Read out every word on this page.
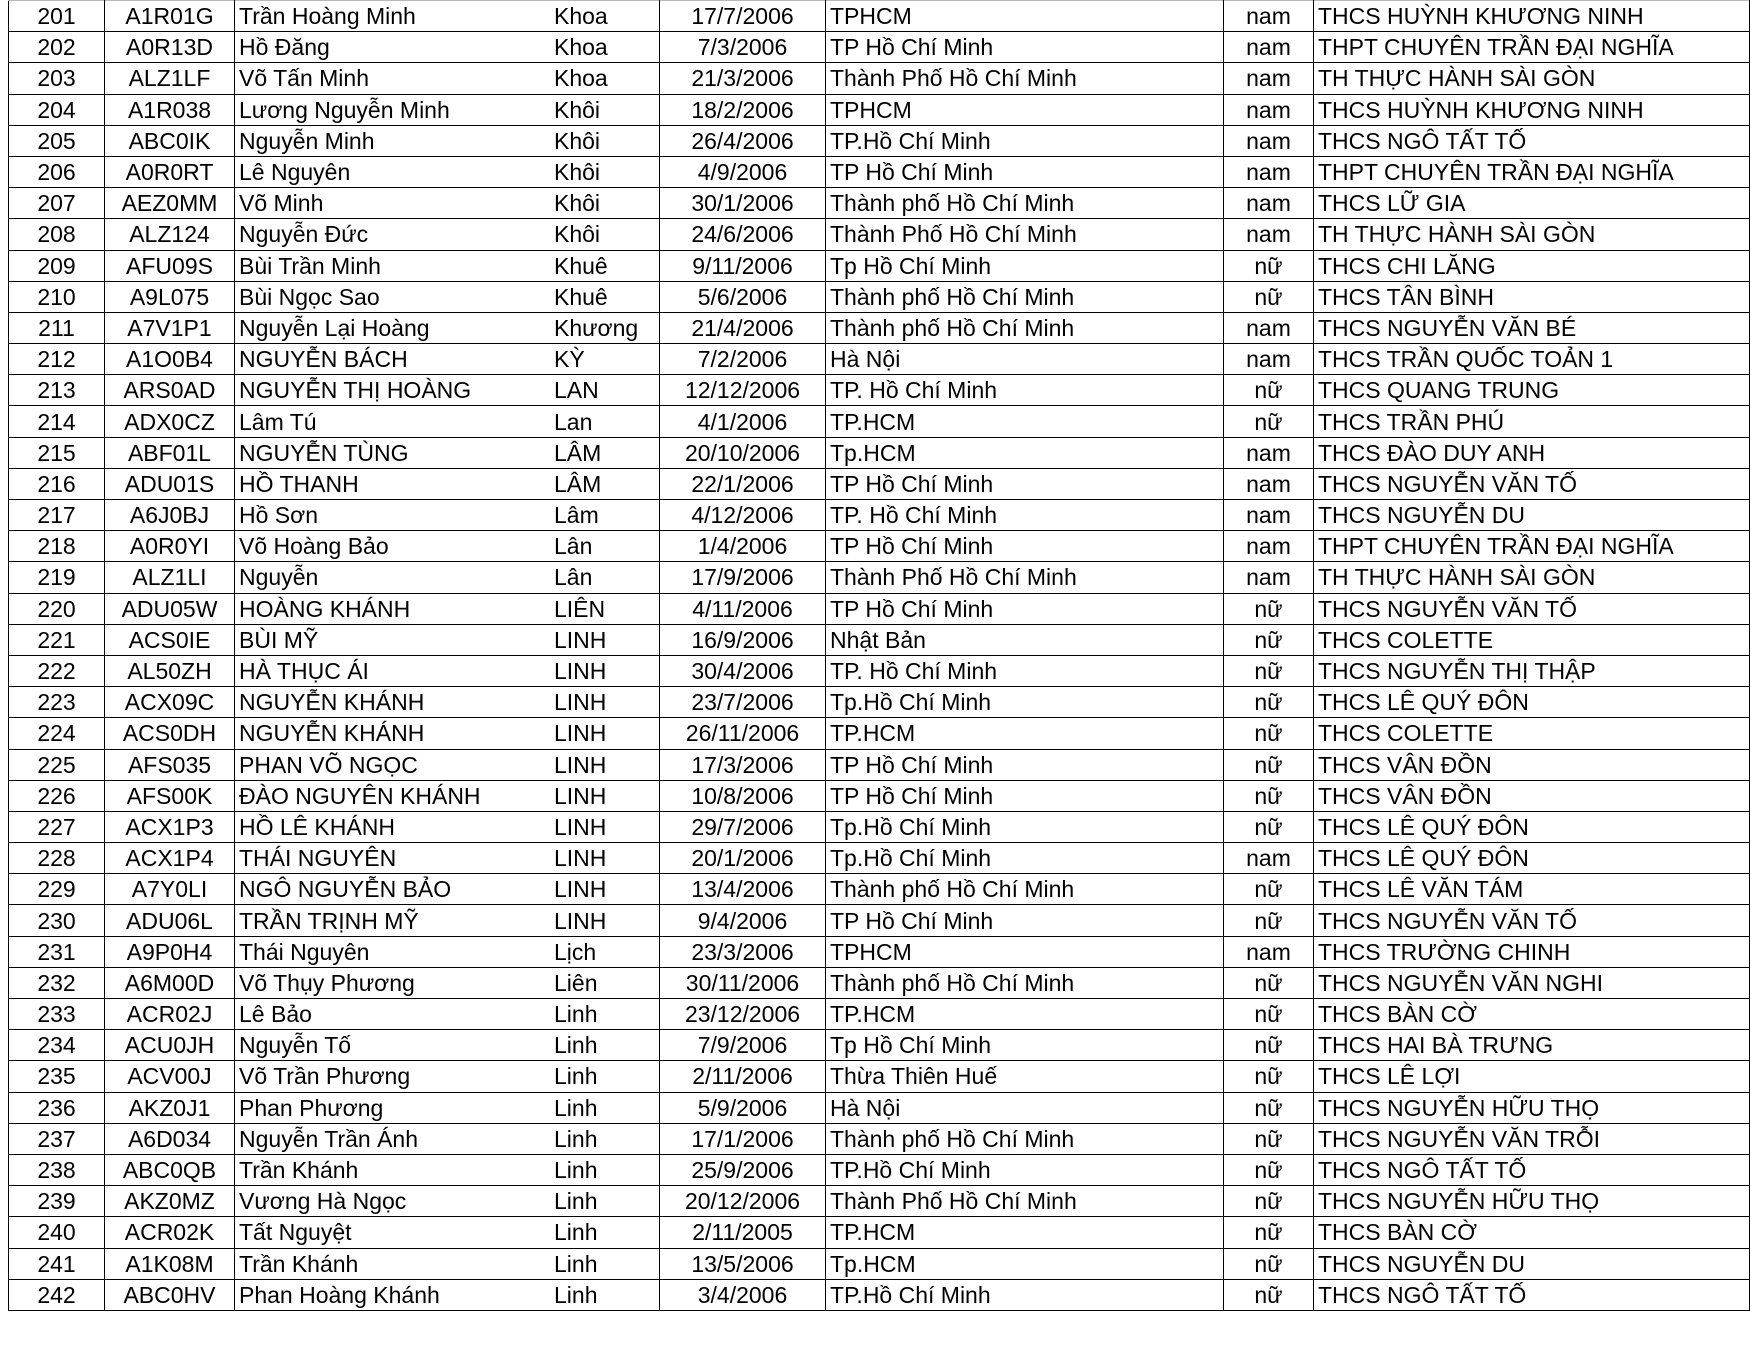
201	A1R01G	Trần Hoàng Minh	Khoa	17/7/2006	TPHCM	nam	THCS HUỲNH KHƯƠNG NINH
202	A0R13D	Hồ Đăng	Khoa	7/3/2006	TP Hồ Chí Minh	nam	THPT CHUYÊN TRẦN ĐẠI NGHĨA
203	ALZ1LF	Võ Tấn Minh	Khoa	21/3/2006	Thành Phố Hồ Chí Minh	nam	TH THỰC HÀNH SÀI GÒN
204	A1R038	Lương Nguyễn Minh	Khôi	18/2/2006	TPHCM	nam	THCS HUỲNH KHƯƠNG NINH
205	ABC0IK	Nguyễn Minh	Khôi	26/4/2006	TP.Hồ Chí Minh	nam	THCS NGÔ TẤT TỐ
206	A0R0RT	Lê Nguyên	Khôi	4/9/2006	TP Hồ Chí Minh	nam	THPT CHUYÊN TRẦN ĐẠI NGHĨA
207	AEZ0MM	Võ Minh	Khôi	30/1/2006	Thành phố Hồ Chí Minh	nam	THCS LỮ GIA
208	ALZ124	Nguyễn Đức	Khôi	24/6/2006	Thành Phố Hồ Chí Minh	nam	TH THỰC HÀNH SÀI GÒN
209	AFU09S	Bùi Trần Minh	Khuê	9/11/2006	Tp Hồ Chí Minh	nữ	THCS CHI LĂNG
210	A9L075	Bùi Ngọc Sao	Khuê	5/6/2006	Thành phố Hồ Chí Minh	nữ	THCS TÂN BÌNH
211	A7V1P1	Nguyễn Lại Hoàng	Khương	21/4/2006	Thành phố Hồ Chí Minh	nam	THCS NGUYỄN VĂN BÉ
212	A1O0B4	NGUYỄN BÁCH	KỲ	7/2/2006	Hà Nội	nam	THCS TRẦN QUỐC TOẢN 1
213	ARS0AD	NGUYỄN THỊ HOÀNG	LAN	12/12/2006	TP. Hồ Chí Minh	nữ	THCS QUANG TRUNG
214	ADX0CZ	Lâm Tú	Lan	4/1/2006	TP.HCM	nữ	THCS TRẦN PHÚ
215	ABF01L	NGUYỄN TÙNG	LÂM	20/10/2006	Tp.HCM	nam	THCS ĐÀO DUY ANH
216	ADU01S	HỒ THANH	LÂM	22/1/2006	TP Hồ Chí Minh	nam	THCS NGUYỄN VĂN TỐ
217	A6J0BJ	Hồ Sơn	Lâm	4/12/2006	TP. Hồ Chí Minh	nam	THCS NGUYỄN DU
218	A0R0YI	Võ Hoàng Bảo	Lân	1/4/2006	TP Hồ Chí Minh	nam	THPT CHUYÊN TRẦN ĐẠI NGHĨA
219	ALZ1LI	Nguyễn	Lân	17/9/2006	Thành Phố Hồ Chí Minh	nam	TH THỰC HÀNH SÀI GÒN
220	ADU05W	HOÀNG KHÁNH	LIÊN	4/11/2006	TP Hồ Chí Minh	nữ	THCS NGUYỄN VĂN TỐ
221	ACS0IE	BÙI MỸ	LINH	16/9/2006	Nhật Bản	nữ	THCS COLETTE
222	AL50ZH	HÀ THỤC ÁI	LINH	30/4/2006	TP. Hồ Chí Minh	nữ	THCS NGUYỄN THỊ THẬP
223	ACX09C	NGUYỄN KHÁNH	LINH	23/7/2006	Tp.Hồ Chí Minh	nữ	THCS LÊ QUÝ ĐÔN
224	ACS0DH	NGUYỄN KHÁNH	LINH	26/11/2006	TP.HCM	nữ	THCS COLETTE
225	AFS035	PHAN VÕ NGỌC	LINH	17/3/2006	TP Hồ Chí Minh	nữ	THCS VÂN ĐỒN
226	AFS00K	ĐÀO NGUYÊN KHÁNH	LINH	10/8/2006	TP Hồ Chí Minh	nữ	THCS VÂN ĐỒN
227	ACX1P3	HỒ LÊ KHÁNH	LINH	29/7/2006	Tp.Hồ Chí Minh	nữ	THCS LÊ QUÝ ĐÔN
228	ACX1P4	THÁI NGUYÊN	LINH	20/1/2006	Tp.Hồ Chí Minh	nam	THCS LÊ QUÝ ĐÔN
229	A7Y0LI	NGÔ NGUYỄN BẢO	LINH	13/4/2006	Thành phố Hồ Chí Minh	nữ	THCS LÊ VĂN TÁM
230	ADU06L	TRẦN TRỊNH MỸ	LINH	9/4/2006	TP Hồ Chí Minh	nữ	THCS NGUYỄN VĂN TỐ
231	A9P0H4	Thái Nguyên	Lịch	23/3/2006	TPHCM	nam	THCS TRƯỜNG CHINH
232	A6M00D	Võ Thụy Phương	Liên	30/11/2006	Thành phố Hồ Chí Minh	nữ	THCS NGUYỄN VĂN NGHI
233	ACR02J	Lê Bảo	Linh	23/12/2006	TP.HCM	nữ	THCS BÀN CỜ
234	ACU0JH	Nguyễn Tố	Linh	7/9/2006	Tp Hồ Chí Minh	nữ	THCS HAI BÀ TRƯNG
235	ACV00J	Võ Trần Phương	Linh	2/11/2006	Thừa Thiên Huế	nữ	THCS LÊ LỢI
236	AKZ0J1	Phan Phương	Linh	5/9/2006	Hà Nội	nữ	THCS NGUYỄN HỮU THỌ
237	A6D034	Nguyễn Trần Ánh	Linh	17/1/2006	Thành phố Hồ Chí Minh	nữ	THCS NGUYỄN VĂN TRỖI
238	ABC0QB	Trần Khánh	Linh	25/9/2006	TP.Hồ Chí Minh	nữ	THCS NGÔ TẤT TỐ
239	AKZ0MZ	Vương Hà Ngọc	Linh	20/12/2006	Thành Phố Hồ Chí Minh	nữ	THCS NGUYỄN HỮU THỌ
240	ACR02K	Tất Nguyệt	Linh	2/11/2005	TP.HCM	nữ	THCS BÀN CỜ
241	A1K08M	Trần Khánh	Linh	13/5/2006	Tp.HCM	nữ	THCS NGUYỄN DU
242	ABC0HV	Phan Hoàng Khánh	Linh	3/4/2006	TP.Hồ Chí Minh	nữ	THCS NGÔ TẤT TỐ
